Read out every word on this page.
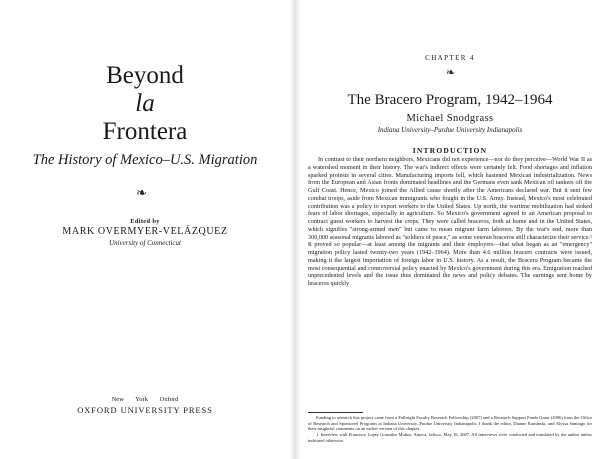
Beyond
la
Frontera
The History of Mexico–U.S. Migration
❧
Edited by
MARK OVERMYER-VELÁZQUEZ
University of Connecticut
New York Oxford
OXFORD UNIVERSITY PRESS
CHAPTER 4
❧
The Bracero Program, 1942–1964
Michael Snodgrass
Indiana University–Purdue University Indianapolis
INTRODUCTION
In contrast to their northern neighbors, Mexicans did not experience—nor do they perceive—World War II as a watershed moment in their history. The war's indirect effects were certainly felt. Food shortages and inflation sparked protests in several cities. Manufacturing imports fell, which hastened Mexican industrialization. News from the European and Asian fronts dominated headlines and the Germans even sank Mexican oil tankers off the Gulf Coast. Hence, Mexico joined the Allied cause shortly after the Americans declared war. But it sent few combat troops, aside from Mexican immigrants who fought in the U.S. Army. Instead, Mexico's most celebrated contribution was a policy to export workers to the United States. Up north, the wartime mobilization had stoked fears of labor shortages, especially in agriculture. So Mexico's government agreed to an American proposal to contract guest workers to harvest the crops. They were called braceros, both at home and in the United States, which signifies "strong-armed men" but came to mean migrant farm laborers. By the war's end, more than 300,000 seasonal migrants labored as "soldiers of peace," as some veteran braceros still characterize their service.¹ It proved so popular—at least among the migrants and their employers—that what began as an "emergency" migration policy lasted twenty-two years (1942–1964). More than 4.6 million bracero contracts were issued, making it the largest importation of foreign labor in U.S. history. As a result, the Bracero Program became the most consequential and controversial policy enacted by Mexico's government during this era. Emigration reached unprecedented levels and the issue thus dominated the news and policy debates. The earnings sent home by braceros quickly

Funding to research this project came from a Fulbright Faculty Research Fellowship (2007) and a Research Support Funds Grant (2006) from the Office of Research and Sponsored Programs at Indiana University–Purdue University Indianapolis. I thank the editor, Dianne Kaminski, and Alyssa Santiago for their insightful comments on an earlier version of this chapter.

1. Interview with Francisco Lopez González Muñoz, Ameca, Jalisco, May 16, 2007. All interviews were conducted and translated by the author unless indicated otherwise.
